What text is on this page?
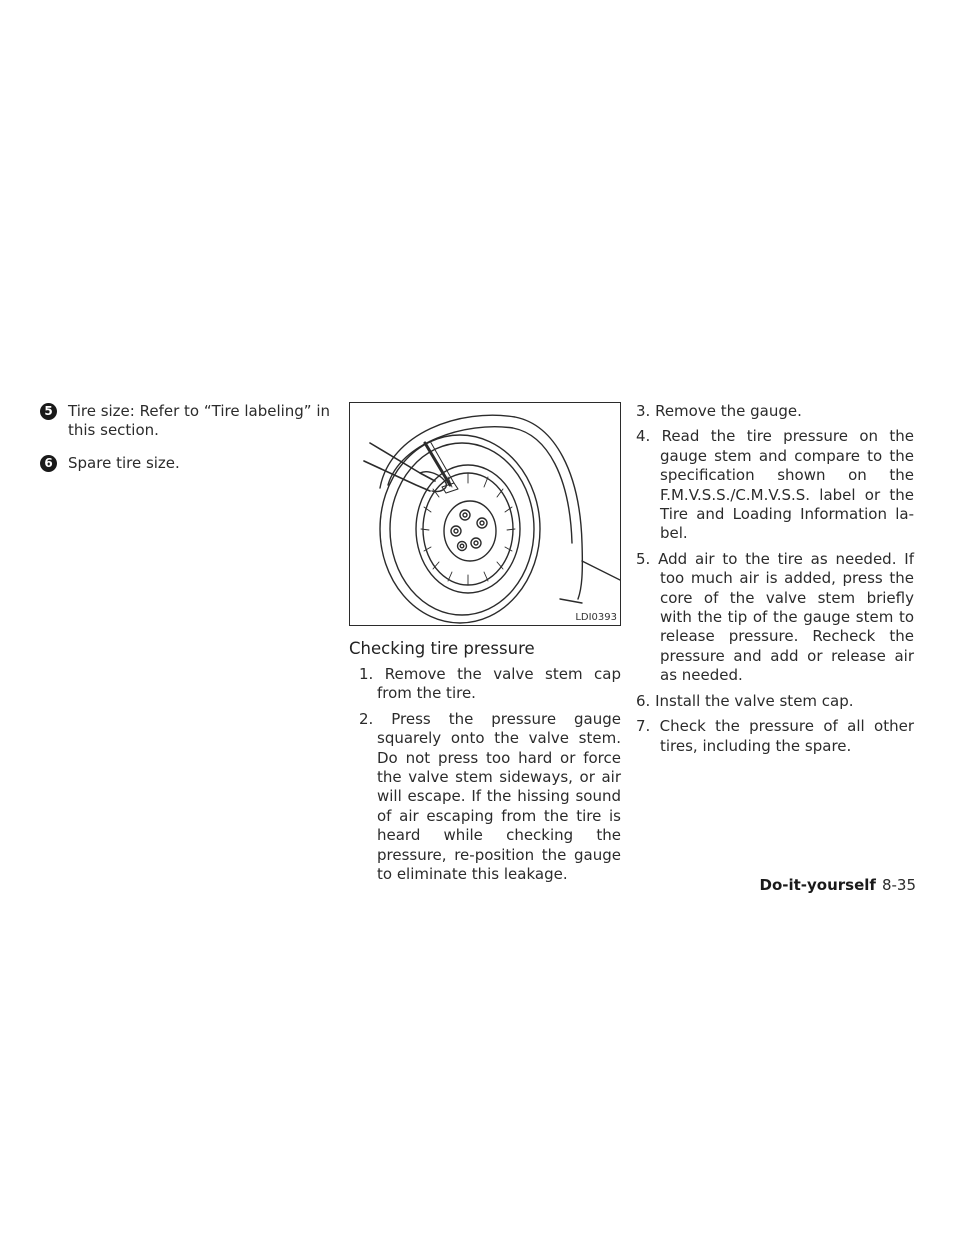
5 Tire size: Refer to “Tire labeling” in this section.
6 Spare tire size.
LDI0393
Checking tire pressure
1. Remove the valve stem cap from the tire.
2. Press the pressure gauge squarely onto the valve stem. Do not press too hard or force the valve stem sideways, or air will escape. If the hissing sound of air escaping from the tire is heard while checking the pressure, re-position the gauge to eliminate this leakage.
3. Remove the gauge.
4. Read the tire pressure on the gauge stem and compare to the specification shown on the F.M.V.S.S./C.M.V.S.S. label or the Tire and Loading Information la-bel.
5. Add air to the tire as needed. If too much air is added, press the core of the valve stem briefly with the tip of the gauge stem to release pressure. Recheck the pressure and add or release air as needed.
6. Install the valve stem cap.
7. Check the pressure of all other tires, including the spare.
Do-it-yourself 8-35
